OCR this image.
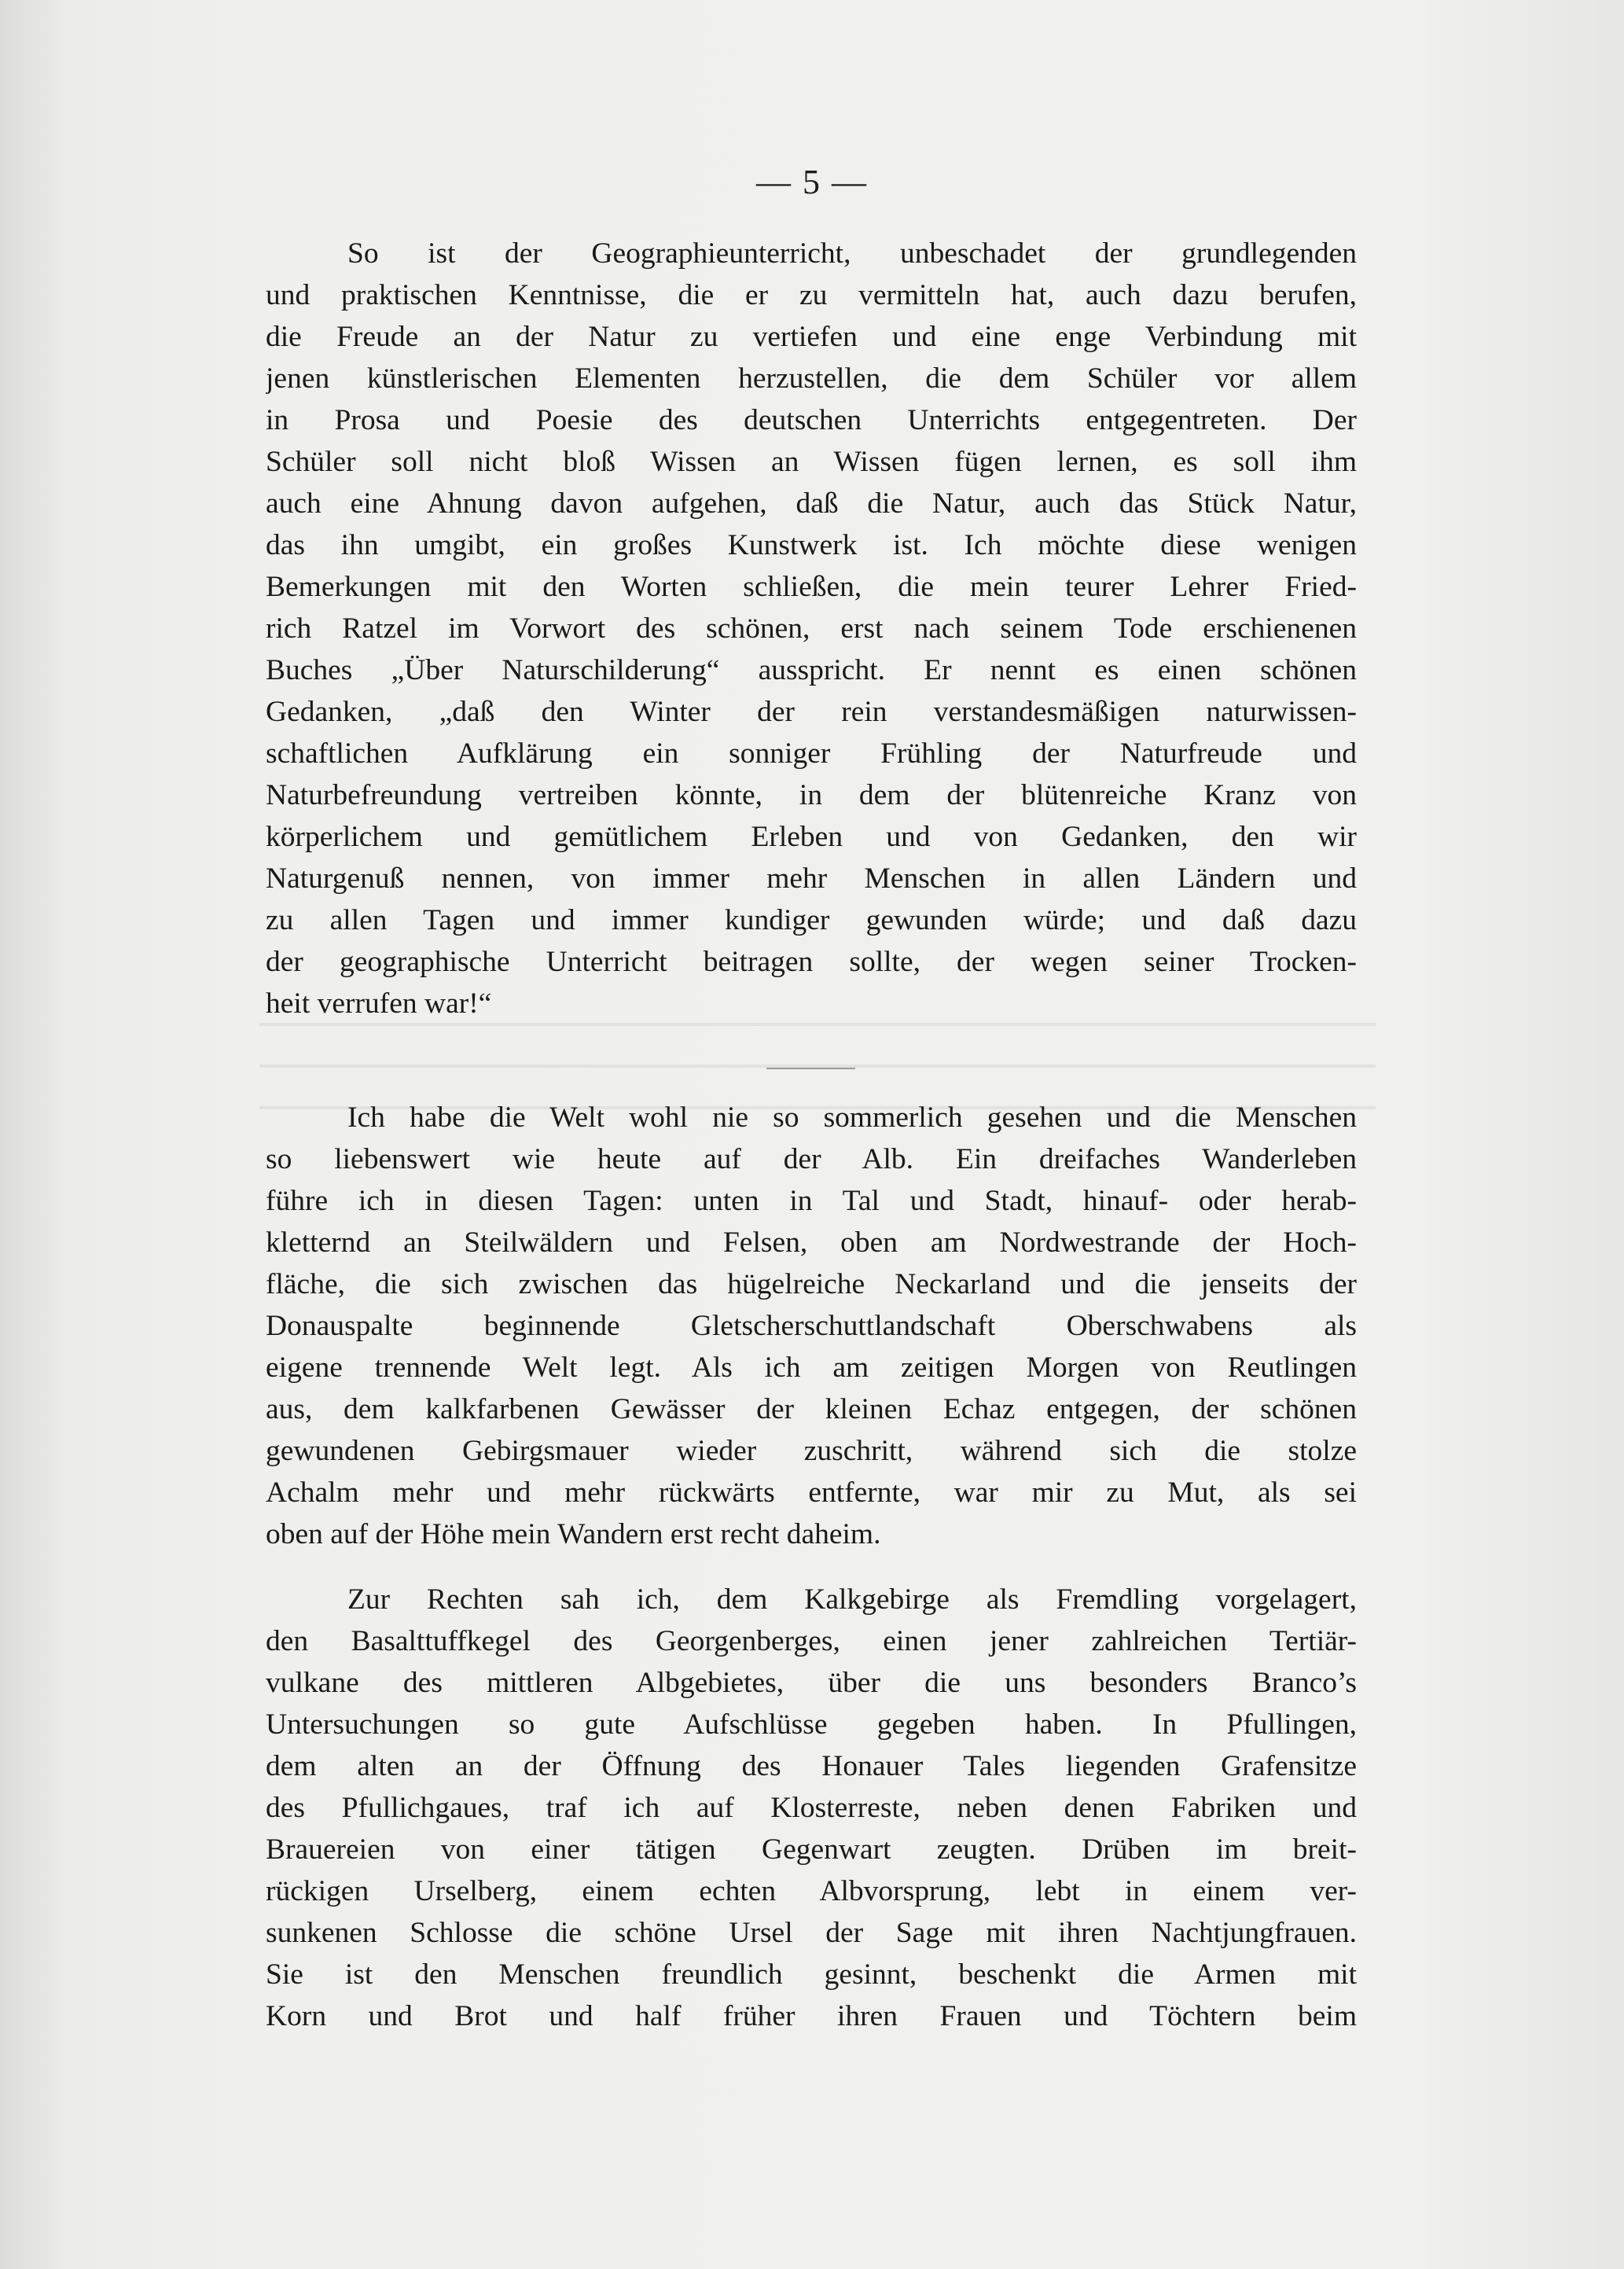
— 5 —
So ist der Geographieunterricht, unbeschadet der grundlegenden
und praktischen Kenntnisse, die er zu vermitteln hat, auch dazu berufen,
die Freude an der Natur zu vertiefen und eine enge Verbindung mit
jenen künstlerischen Elementen herzustellen, die dem Schüler vor allem
in Prosa und Poesie des deutschen Unterrichts entgegentreten. Der
Schüler soll nicht bloß Wissen an Wissen fügen lernen, es soll ihm
auch eine Ahnung davon aufgehen, daß die Natur, auch das Stück Natur,
das ihn umgibt, ein großes Kunstwerk ist. Ich möchte diese wenigen
Bemerkungen mit den Worten schließen, die mein teurer Lehrer Fried-
rich Ratzel im Vorwort des schönen, erst nach seinem Tode erschienenen
Buches „Über Naturschilderung“ ausspricht. Er nennt es einen schönen
Gedanken, „daß den Winter der rein verstandesmäßigen naturwissen-
schaftlichen Aufklärung ein sonniger Frühling der Naturfreude und
Naturbefreundung vertreiben könnte, in dem der blütenreiche Kranz von
körperlichem und gemütlichem Erleben und von Gedanken, den wir
Naturgenuß nennen, von immer mehr Menschen in allen Ländern und
zu allen Tagen und immer kundiger gewunden würde; und daß dazu
der geographische Unterricht beitragen sollte, der wegen seiner Trocken-
heit verrufen war!“
Ich habe die Welt wohl nie so sommerlich gesehen und die Menschen
so liebenswert wie heute auf der Alb. Ein dreifaches Wanderleben
führe ich in diesen Tagen: unten in Tal und Stadt, hinauf- oder herab-
kletternd an Steilwäldern und Felsen, oben am Nordwestrande der Hoch-
fläche, die sich zwischen das hügelreiche Neckarland und die jenseits der
Donauspalte beginnende Gletscherschuttlandschaft Oberschwabens als
eigene trennende Welt legt. Als ich am zeitigen Morgen von Reutlingen
aus, dem kalkfarbenen Gewässer der kleinen Echaz entgegen, der schönen
gewundenen Gebirgsmauer wieder zuschritt, während sich die stolze
Achalm mehr und mehr rückwärts entfernte, war mir zu Mut, als sei
oben auf der Höhe mein Wandern erst recht daheim.
Zur Rechten sah ich, dem Kalkgebirge als Fremdling vorgelagert,
den Basalttuffkegel des Georgenberges, einen jener zahlreichen Tertiär-
vulkane des mittleren Albgebietes, über die uns besonders Branco’s
Untersuchungen so gute Aufschlüsse gegeben haben. In Pfullingen,
dem alten an der Öffnung des Honauer Tales liegenden Grafensitze
des Pfullichgaues, traf ich auf Klosterreste, neben denen Fabriken und
Brauereien von einer tätigen Gegenwart zeugten. Drüben im breit-
rückigen Urselberg, einem echten Albvorsprung, lebt in einem ver-
sunkenen Schlosse die schöne Ursel der Sage mit ihren Nachtjungfrauen.
Sie ist den Menschen freundlich gesinnt, beschenkt die Armen mit
Korn und Brot und half früher ihren Frauen und Töchtern beim
